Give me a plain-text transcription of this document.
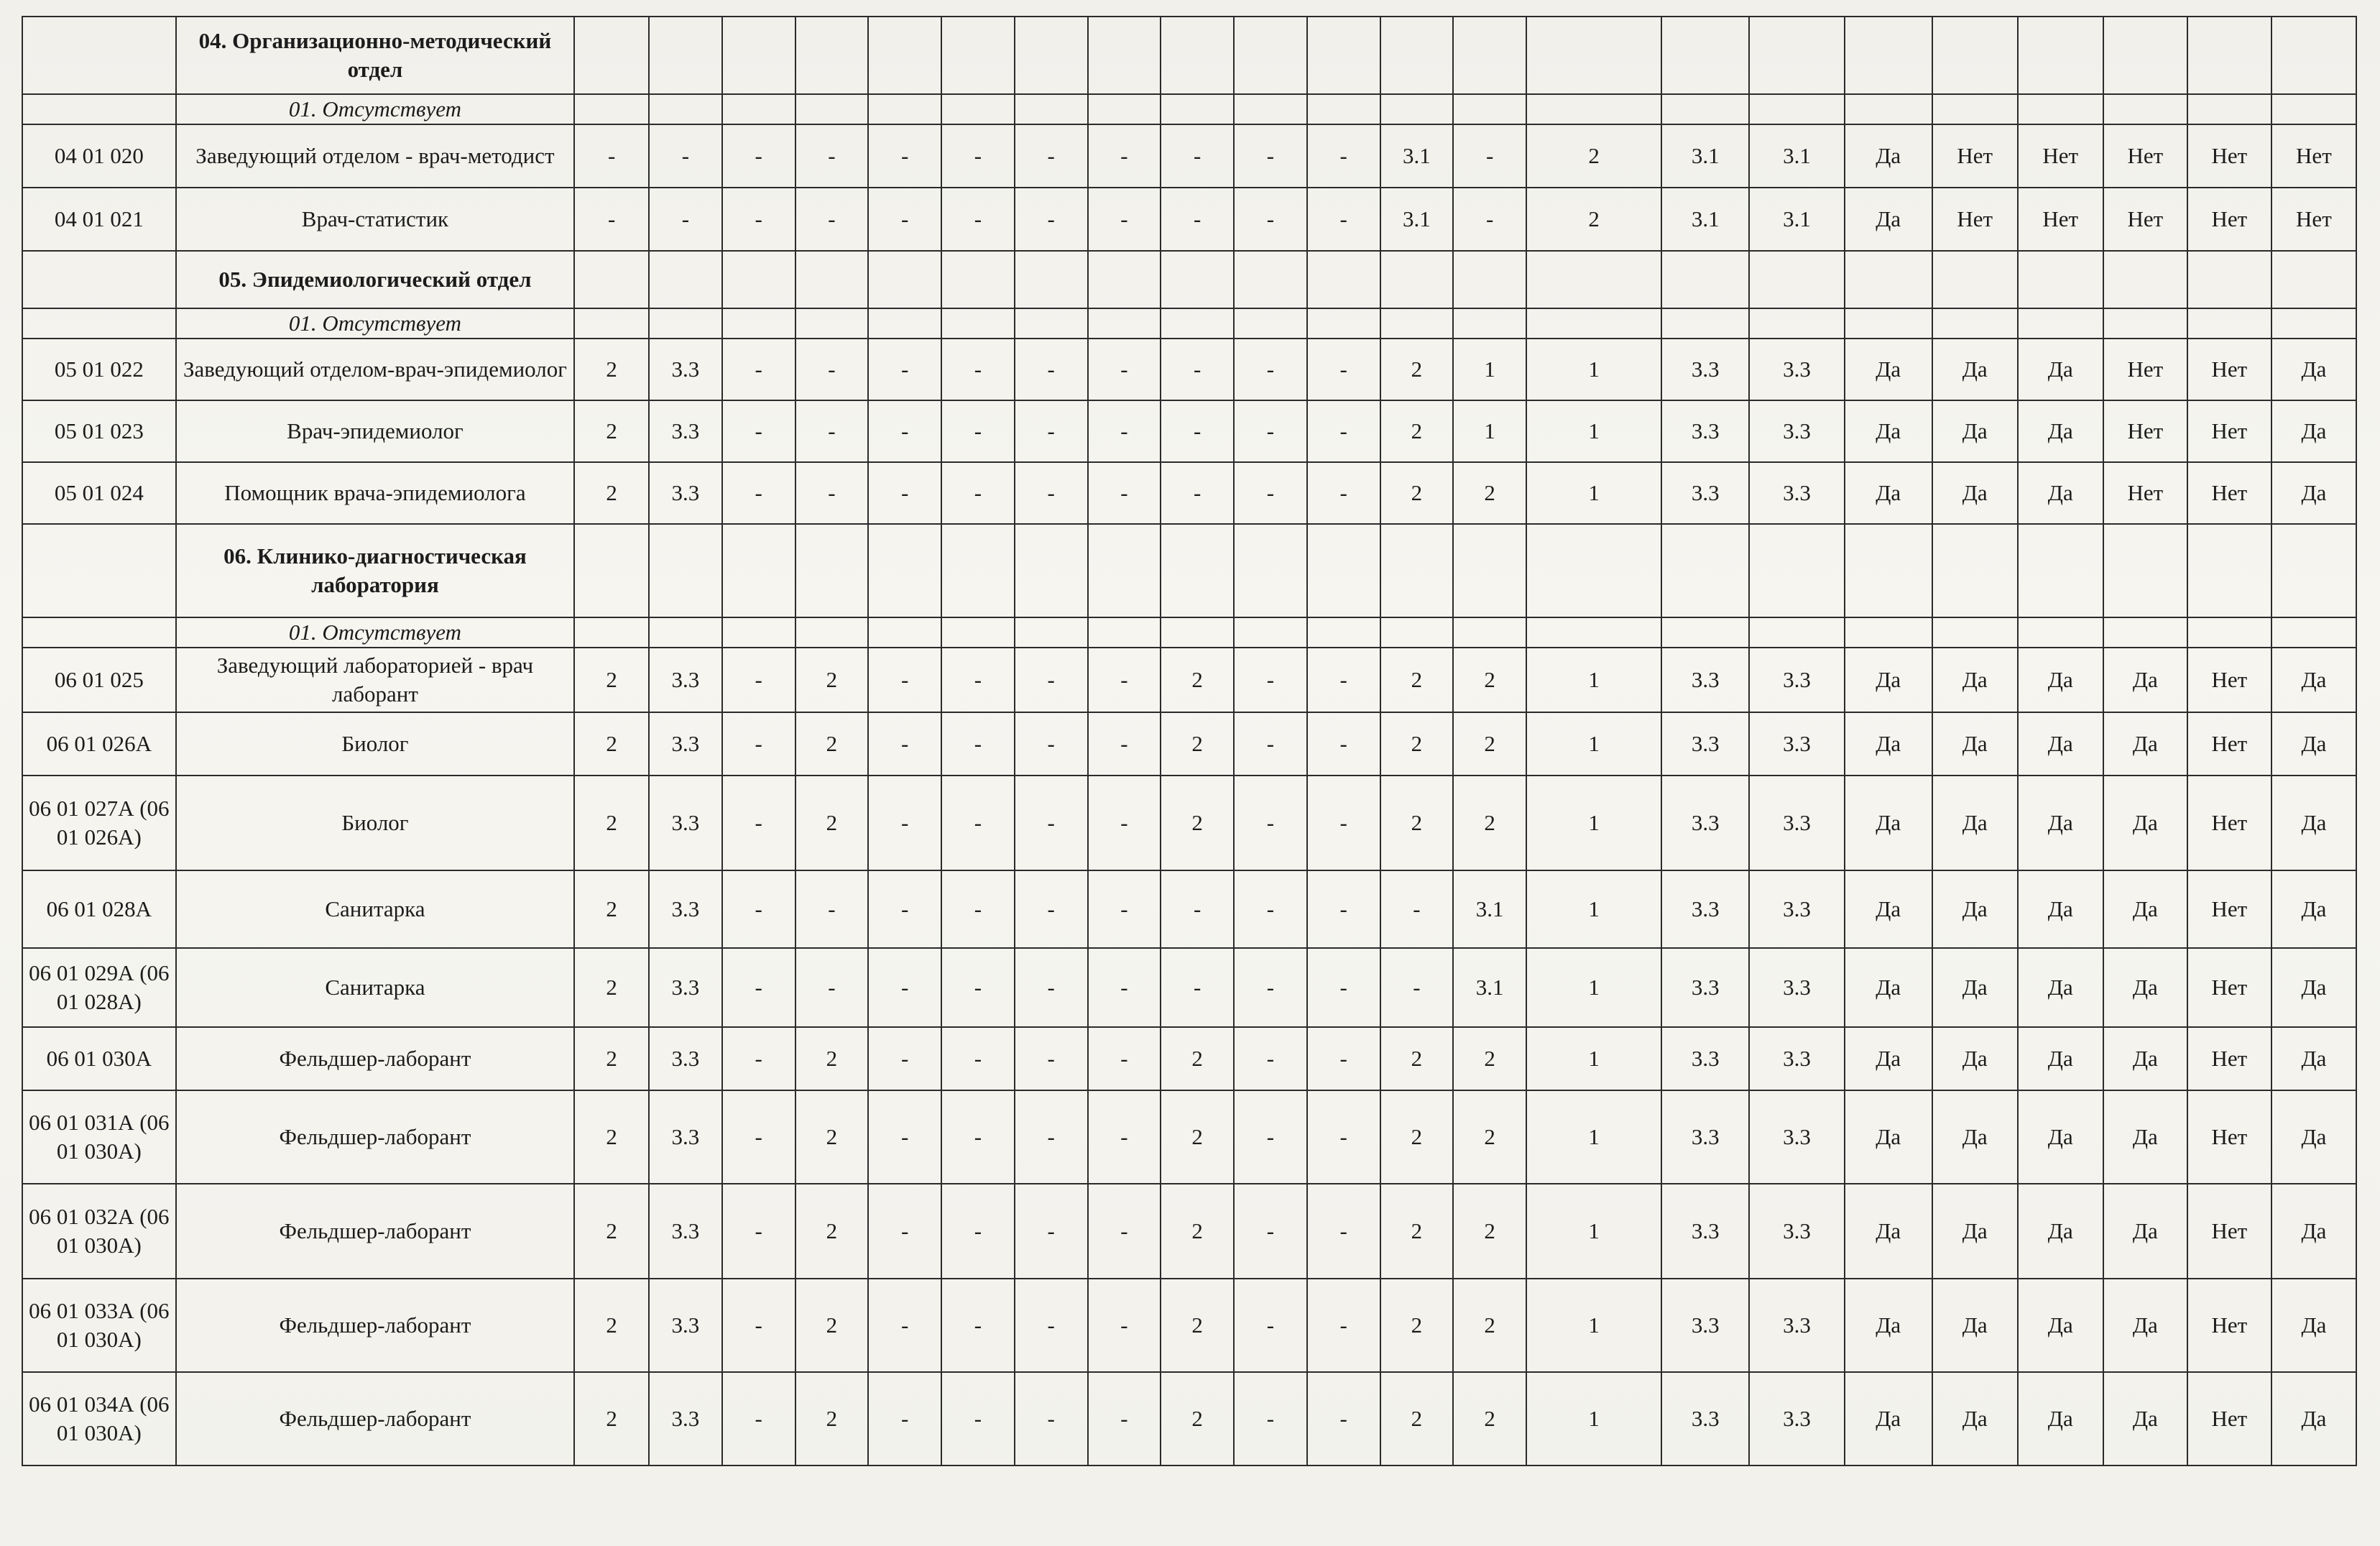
	04. Организационно-методический отдел																						
	01. Отсутствует																						
04 01 020	Заведующий отделом - врач-методист	-	-	-	-	-	-	-	-	-	-	-	3.1	-	2	3.1	3.1	Да	Нет	Нет	Нет	Нет	Нет
04 01 021	Врач-статистик	-	-	-	-	-	-	-	-	-	-	-	3.1	-	2	3.1	3.1	Да	Нет	Нет	Нет	Нет	Нет
	05. Эпидемиологический отдел																						
	01. Отсутствует																						
05 01 022	Заведующий отделом-врач-эпидемиолог	2	3.3	-	-	-	-	-	-	-	-	-	2	1	1	3.3	3.3	Да	Да	Да	Нет	Нет	Да
05 01 023	Врач-эпидемиолог	2	3.3	-	-	-	-	-	-	-	-	-	2	1	1	3.3	3.3	Да	Да	Да	Нет	Нет	Да
05 01 024	Помощник врача-эпидемиолога	2	3.3	-	-	-	-	-	-	-	-	-	2	2	1	3.3	3.3	Да	Да	Да	Нет	Нет	Да
	06. Клинико-диагностическая лаборатория																						
	01. Отсутствует																						
06 01 025	Заведующий лабораторией - врач лаборант	2	3.3	-	2	-	-	-	-	2	-	-	2	2	1	3.3	3.3	Да	Да	Да	Да	Нет	Да
06 01 026А	Биолог	2	3.3	-	2	-	-	-	-	2	-	-	2	2	1	3.3	3.3	Да	Да	Да	Да	Нет	Да
06 01 027А (06 01 026А)	Биолог	2	3.3	-	2	-	-	-	-	2	-	-	2	2	1	3.3	3.3	Да	Да	Да	Да	Нет	Да
06 01 028А	Санитарка	2	3.3	-	-	-	-	-	-	-	-	-	-	3.1	1	3.3	3.3	Да	Да	Да	Да	Нет	Да
06 01 029А (06 01 028А)	Санитарка	2	3.3	-	-	-	-	-	-	-	-	-	-	3.1	1	3.3	3.3	Да	Да	Да	Да	Нет	Да
06 01 030А	Фельдшер-лаборант	2	3.3	-	2	-	-	-	-	2	-	-	2	2	1	3.3	3.3	Да	Да	Да	Да	Нет	Да
06 01 031А (06 01 030А)	Фельдшер-лаборант	2	3.3	-	2	-	-	-	-	2	-	-	2	2	1	3.3	3.3	Да	Да	Да	Да	Нет	Да
06 01 032А (06 01 030А)	Фельдшер-лаборант	2	3.3	-	2	-	-	-	-	2	-	-	2	2	1	3.3	3.3	Да	Да	Да	Да	Нет	Да
06 01 033А (06 01 030А)	Фельдшер-лаборант	2	3.3	-	2	-	-	-	-	2	-	-	2	2	1	3.3	3.3	Да	Да	Да	Да	Нет	Да
06 01 034А (06 01 030А)	Фельдшер-лаборант	2	3.3	-	2	-	-	-	-	2	-	-	2	2	1	3.3	3.3	Да	Да	Да	Да	Нет	Да
